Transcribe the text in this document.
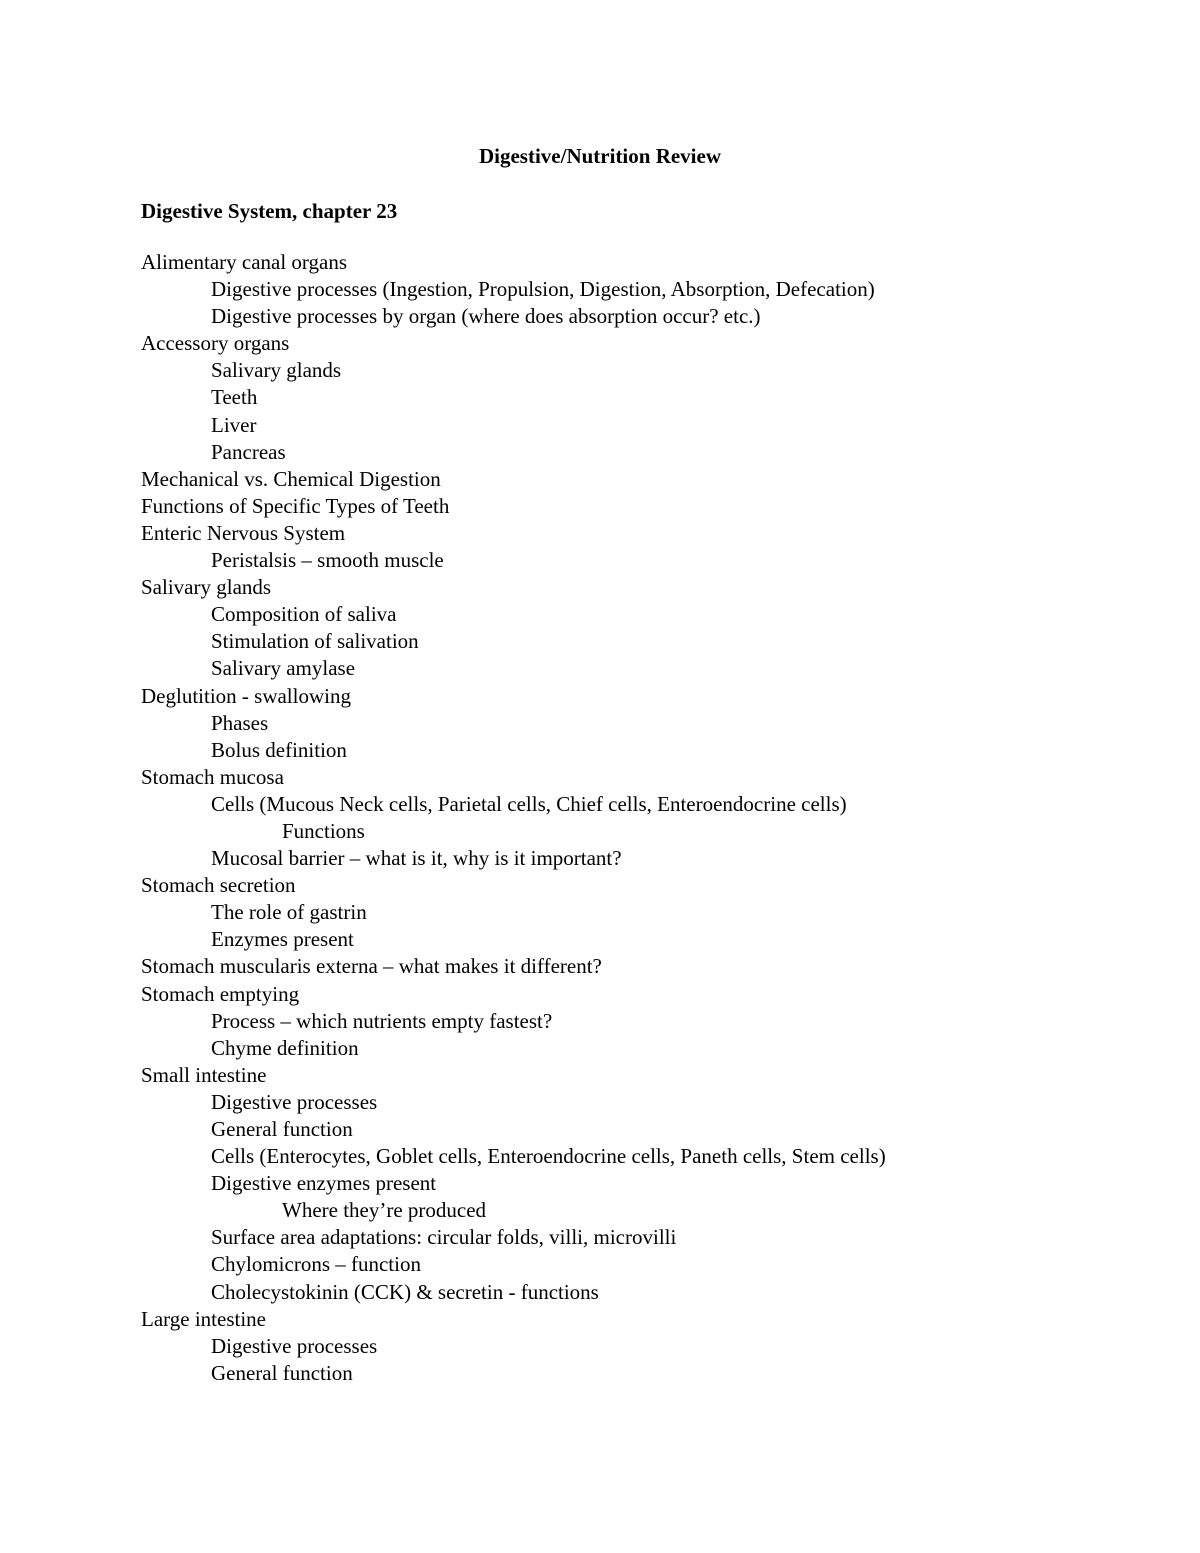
Digestive/Nutrition Review
Digestive System, chapter 23
Alimentary canal organs
Digestive processes (Ingestion, Propulsion, Digestion, Absorption, Defecation)
Digestive processes by organ (where does absorption occur? etc.)
Accessory organs
Salivary glands
Teeth
Liver
Pancreas
Mechanical vs. Chemical Digestion
Functions of Specific Types of Teeth
Enteric Nervous System
Peristalsis – smooth muscle
Salivary glands
Composition of saliva
Stimulation of salivation
Salivary amylase
Deglutition - swallowing
Phases
Bolus definition
Stomach mucosa
Cells (Mucous Neck cells, Parietal cells, Chief cells, Enteroendocrine cells)
Functions
Mucosal barrier – what is it, why is it important?
Stomach secretion
The role of gastrin
Enzymes present
Stomach muscularis externa – what makes it different?
Stomach emptying
Process – which nutrients empty fastest?
Chyme definition
Small intestine
Digestive processes
General function
Cells (Enterocytes, Goblet cells, Enteroendocrine cells, Paneth cells, Stem cells)
Digestive enzymes present
Where they’re produced
Surface area adaptations: circular folds, villi, microvilli
Chylomicrons – function
Cholecystokinin (CCK) & secretin - functions
Large intestine
Digestive processes
General function
